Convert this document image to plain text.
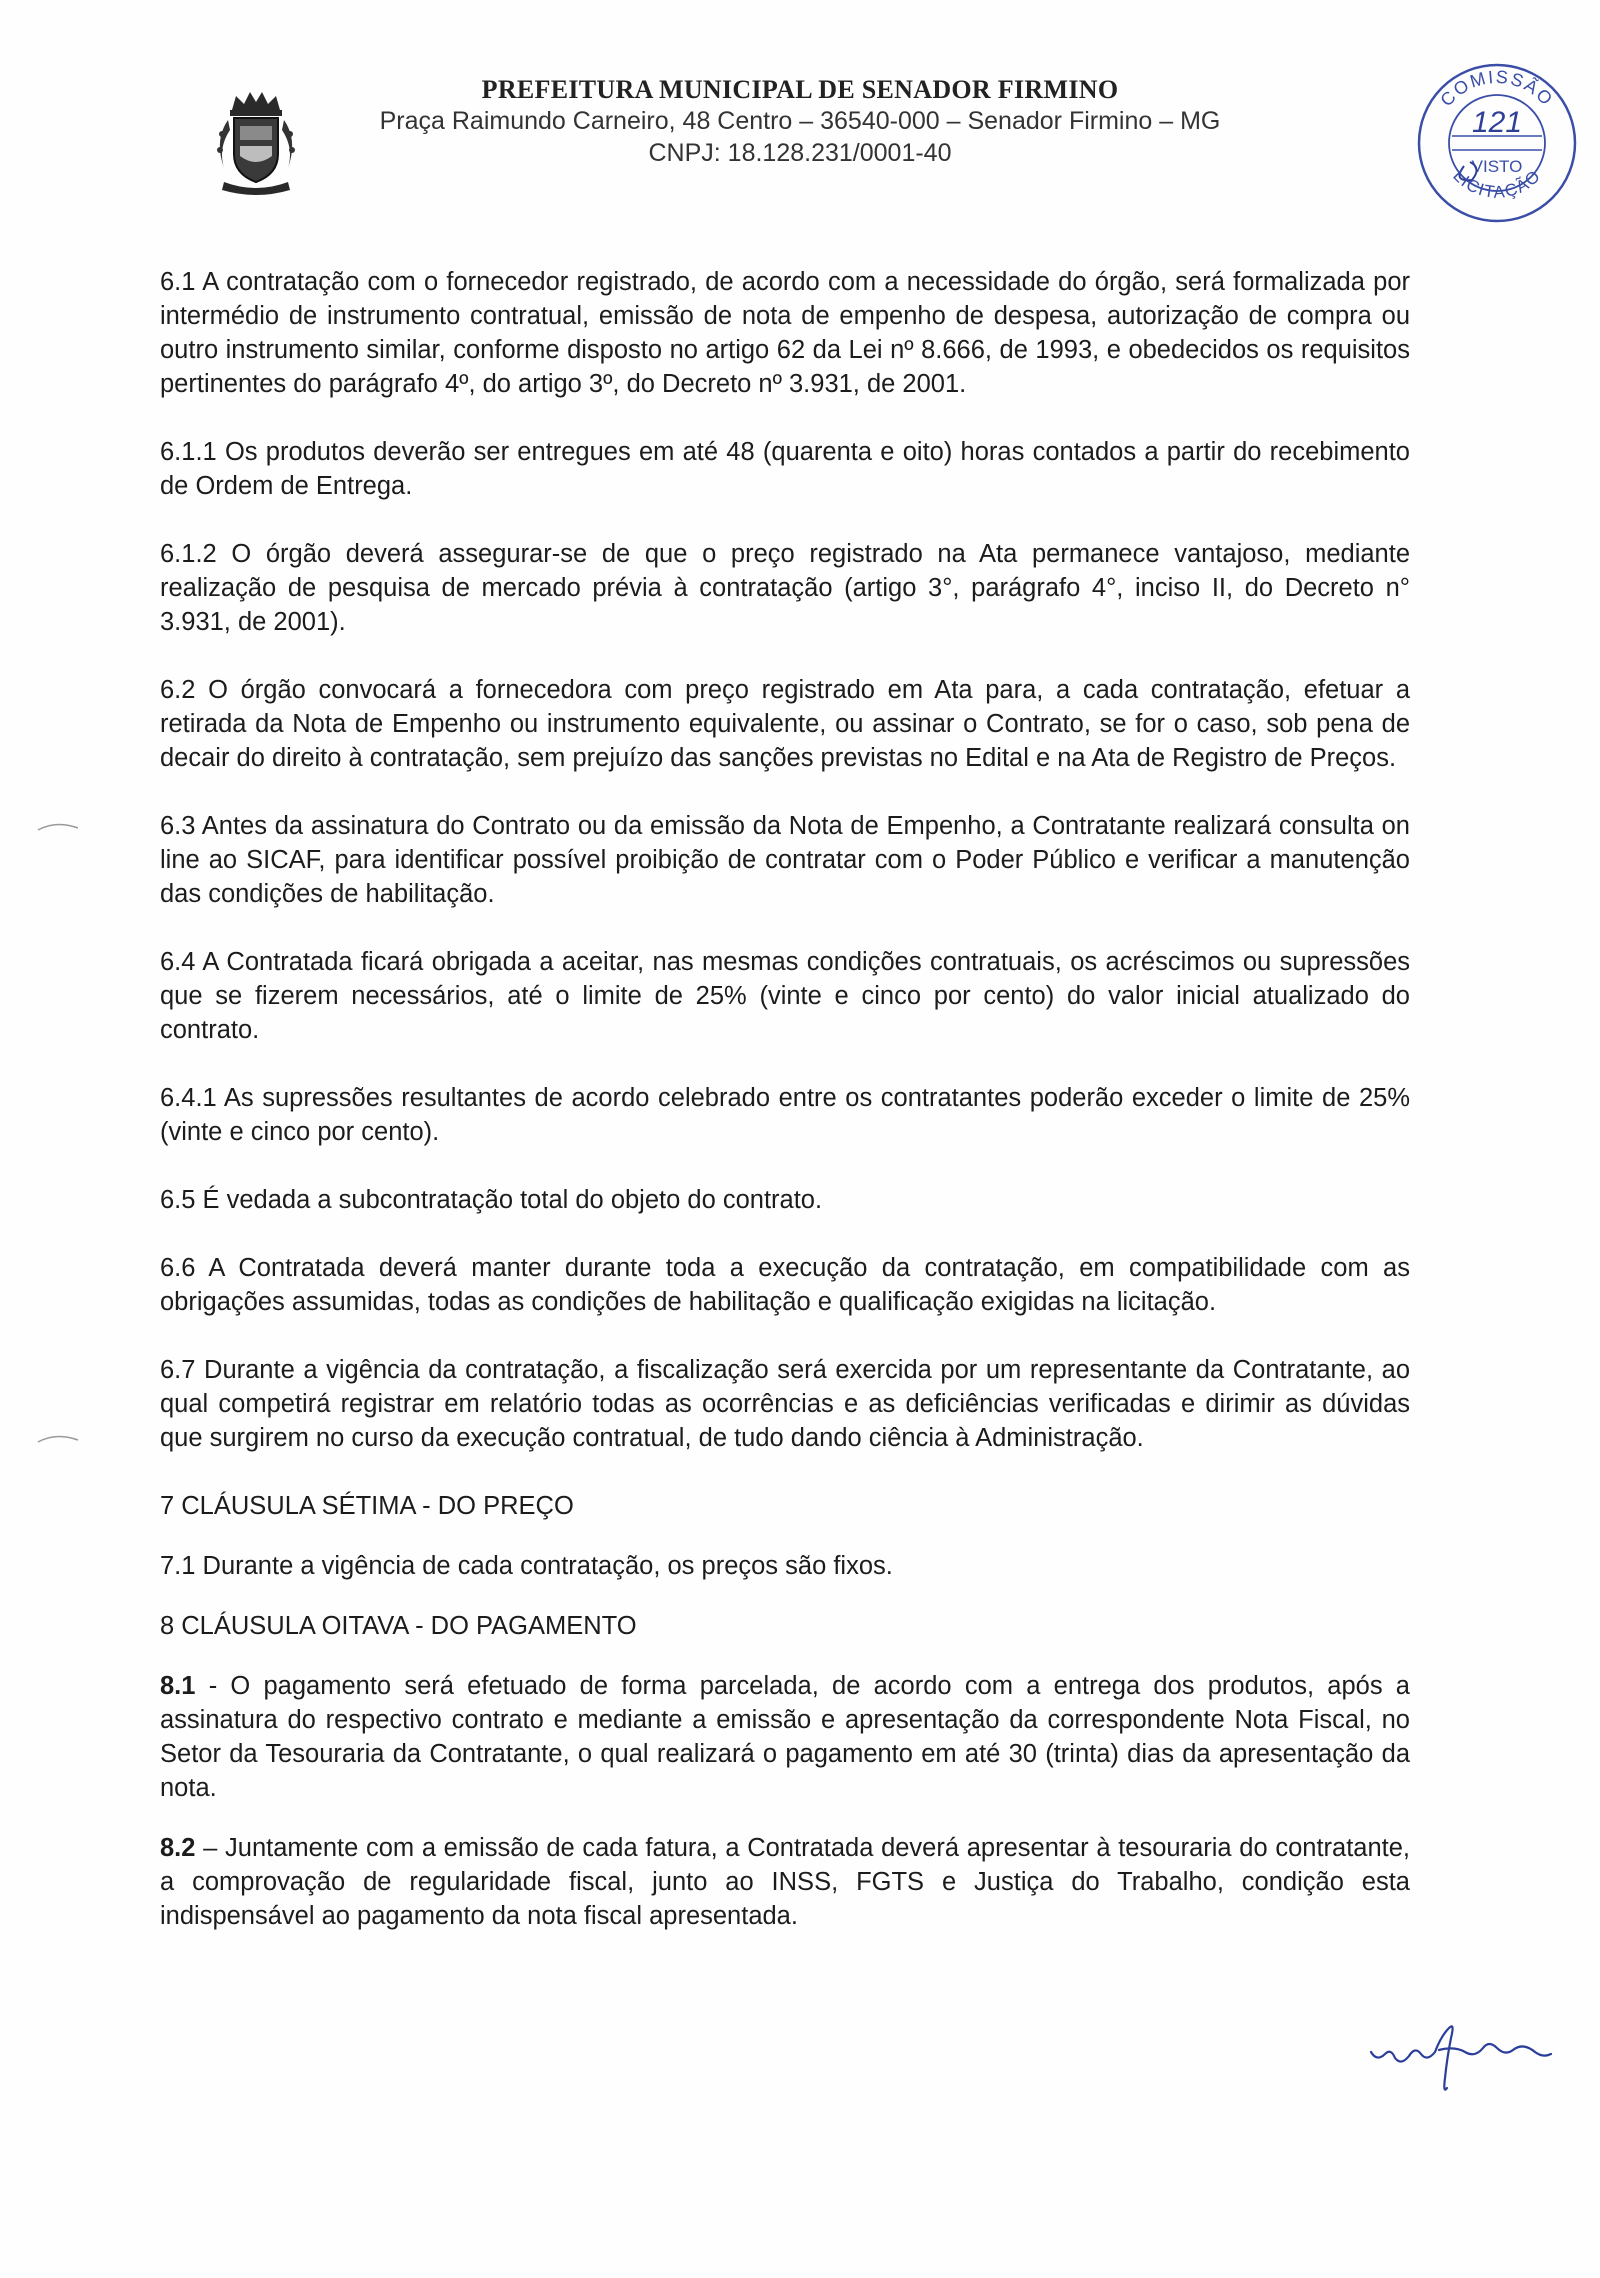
PREFEITURA MUNICIPAL DE SENADOR FIRMINO
Praça Raimundo Carneiro, 48 Centro – 36540-000 – Senador Firmino – MG
CNPJ: 18.128.231/0001-40
COMISSÃO
121
VISTO
LICITAÇÃO

6.1 A contratação com o fornecedor registrado, de acordo com a necessidade do órgão, será formalizada por intermédio de instrumento contratual, emissão de nota de empenho de despesa, autorização de compra ou outro instrumento similar, conforme disposto no artigo 62 da Lei nº 8.666, de 1993, e obedecidos os requisitos pertinentes do parágrafo 4º, do artigo 3º, do Decreto nº 3.931, de 2001.

6.1.1 Os produtos deverão ser entregues em até 48 (quarenta e oito) horas contados a partir do recebimento de Ordem de Entrega.

6.1.2 O órgão deverá assegurar-se de que o preço registrado na Ata permanece vantajoso, mediante realização de pesquisa de mercado prévia à contratação (artigo 3°, parágrafo 4°, inciso II, do Decreto n° 3.931, de 2001).

6.2 O órgão convocará a fornecedora com preço registrado em Ata para, a cada contratação, efetuar a retirada da Nota de Empenho ou instrumento equivalente, ou assinar o Contrato, se for o caso, sob pena de decair do direito à contratação, sem prejuízo das sanções previstas no Edital e na Ata de Registro de Preços.

6.3 Antes da assinatura do Contrato ou da emissão da Nota de Empenho, a Contratante realizará consulta on line ao SICAF, para identificar possível proibição de contratar com o Poder Público e verificar a manutenção das condições de habilitação.

6.4 A Contratada ficará obrigada a aceitar, nas mesmas condições contratuais, os acréscimos ou supressões que se fizerem necessários, até o limite de 25% (vinte e cinco por cento) do valor inicial atualizado do contrato.

6.4.1 As supressões resultantes de acordo celebrado entre os contratantes poderão exceder o limite de 25% (vinte e cinco por cento).

6.5 É vedada a subcontratação total do objeto do contrato.

6.6 A Contratada deverá manter durante toda a execução da contratação, em compatibilidade com as obrigações assumidas, todas as condições de habilitação e qualificação exigidas na licitação.

6.7 Durante a vigência da contratação, a fiscalização será exercida por um representante da Contratante, ao qual competirá registrar em relatório todas as ocorrências e as deficiências verificadas e dirimir as dúvidas que surgirem no curso da execução contratual, de tudo dando ciência à Administração.

7 CLÁUSULA SÉTIMA - DO PREÇO

7.1 Durante a vigência de cada contratação, os preços são fixos.

8 CLÁUSULA OITAVA - DO PAGAMENTO

8.1 - O pagamento será efetuado de forma parcelada, de acordo com a entrega dos produtos, após a assinatura do respectivo contrato e mediante a emissão e apresentação da correspondente Nota Fiscal, no Setor da Tesouraria da Contratante, o qual realizará o pagamento em até 30 (trinta) dias da apresentação da nota.

8.2 – Juntamente com a emissão de cada fatura, a Contratada deverá apresentar à tesouraria do contratante, a comprovação de regularidade fiscal, junto ao INSS, FGTS e Justiça do Trabalho, condição esta indispensável ao pagamento da nota fiscal apresentada.
